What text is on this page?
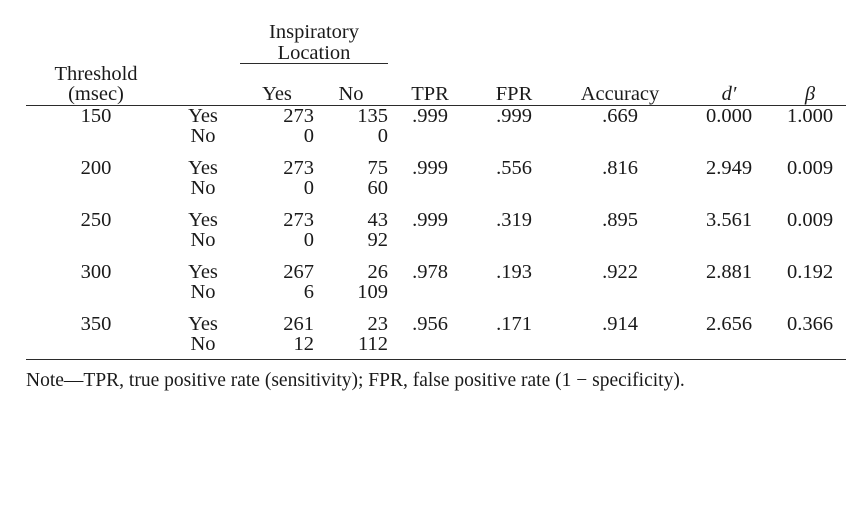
		Inspiratory
Location						
Threshold
(msec)		Yes	No	TPR	FPR	Accuracy	d′	β

150	Yes	273	135	.999	.999	.669	0.000	1.000
	No	0	0					

200	Yes	273	75	.999	.556	.816	2.949	0.009
	No	0	60					

250	Yes	273	43	.999	.319	.895	3.561	0.009
	No	0	92					

300	Yes	267	26	.978	.193	.922	2.881	0.192
	No	6	109					

350	Yes	261	23	.956	.171	.914	2.656	0.366
	No	12	112					

Note—TPR, true positive rate (sensitivity); FPR, false positive rate (1 − specificity).
